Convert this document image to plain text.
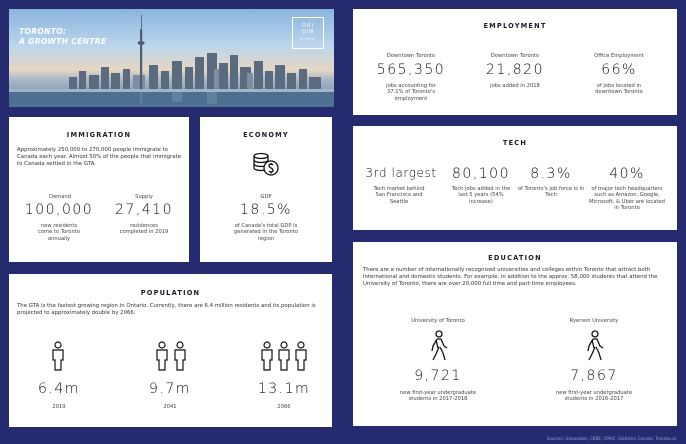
TORONTO:
A GROWTH CENTRE
ORI
GIN
SPACE
IMMIGRATION
Approximately 250,000 to 270,000 people immigrate to Canada each year. Almost 50% of the people that immigrate to Canada settled in the GTA.
Demand
100,000
new residents come to Toronto annually
Supply
27,410
residences completed in 2019
ECONOMY
GDP
18.5%
of Canada's total GDP is generated in the Toronto region
POPULATION
The GTA is the fastest growing region in Ontario. Currently, there are 6.4 million residents and its population is projected to approximately double by 2066.
6.4m
2019
9.7m
2041
13.1m
2066
EMPLOYMENT
Downtown Toronto
565,350
jobs accounting for 37.1% of Toronto's employment
Downtown Toronto
21,820
jobs added in 2018
Office Employment
66%
of jobs located in downtown Toronto
TECH
3rd largest
Tech market behind San Francisco and Seattle
80,100
Tech jobs added in the last 5 years (54% increase)
8.3%
of Toronto's job force is in Tech
40%
of major tech headquarters such as Amazon, Google, Microsoft, & Uber are located in Toronto
EDUCATION
There are a number of internationally recognized universities and colleges within Toronto that attract both international and domestic students. For example, in addition to the approx. 58,000 students that attend the University of Toronto, there are over 20,000 full time and part-time employees.
University of Toronto
9,721
new first-year undergraduate students in 2017-2018
Ryerson University
7,867
new first-year undergraduate students in 2016-2017
Sources: Urbanation, CBRE, CMHC, Statistics Canada, Toronto.ca
